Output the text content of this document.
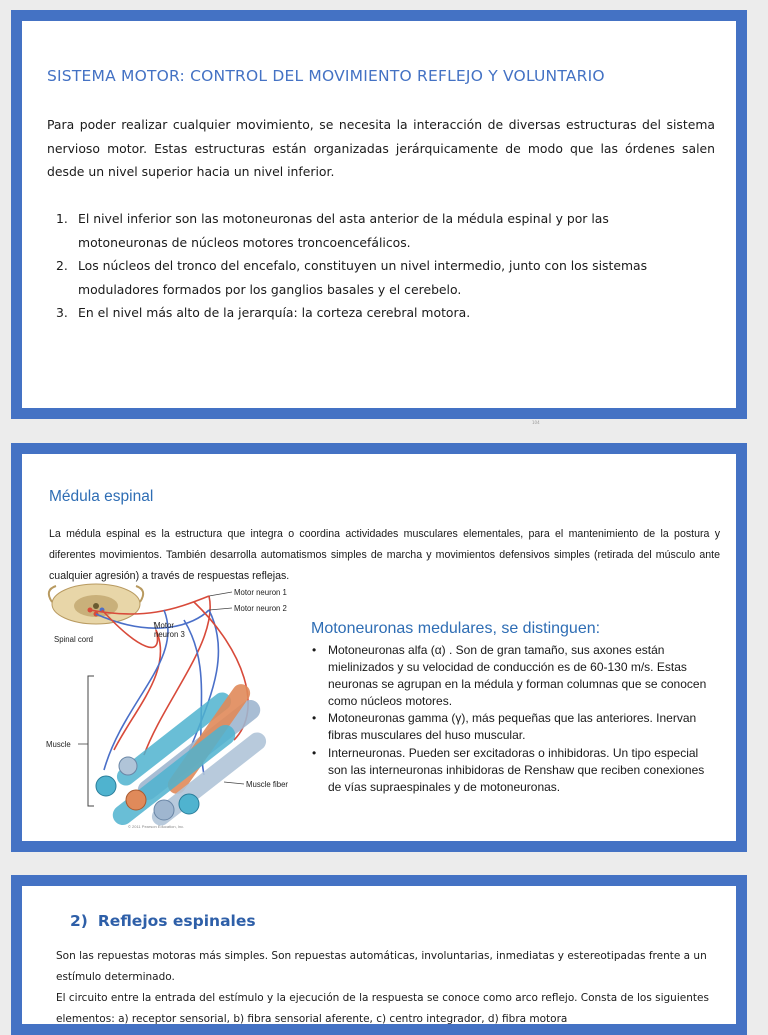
SISTEMA MOTOR: CONTROL DEL MOVIMIENTO REFLEJO Y VOLUNTARIO
Para poder realizar cualquier movimiento, se necesita la interacción de diversas estructuras del sistema nervioso motor. Estas estructuras están organizadas jerárquicamente de modo que las órdenes salen desde un nivel superior hacia un nivel inferior.
1. El nivel inferior son las motoneuronas del asta anterior de la médula espinal y por las motoneuronas de núcleos motores troncoencefálicos.
2. Los núcleos del tronco del encefalo, constituyen un nivel intermedio, junto con los sistemas moduladores formados por los ganglios basales y el cerebelo.
3. En el nivel más alto de la jerarquía: la corteza cerebral motora.
104
Médula espinal
La médula espinal es la estructura que integra o coordina actividades musculares elementales, para el mantenimiento de la postura y diferentes movimientos. También desarrolla automatismos simples de marcha y movimientos defensivos simples (retirada del músculo ante cualquier agresión) a través de respuestas reflejas.
Motor neuron 1
Motor neuron 2
Motor
neuron 3
Spinal cord
Muscle
Muscle fiber
© 2011 Pearson Education, Inc.
Motoneuronas medulares, se distinguen:
• Motoneuronas alfa (α) . Son de gran tamaño, sus axones están mielinizados y su velocidad de conducción es de 60-130 m/s. Estas neuronas se agrupan en la médula y forman columnas que se conocen como núcleos motores.
• Motoneuronas gamma (γ), más pequeñas que las anteriores. Inervan fibras musculares del huso muscular.
• Interneuronas. Pueden ser excitadoras o inhibidoras. Un tipo especial son las interneuronas inhibidoras de Renshaw que reciben conexiones de vías supraespinales y de motoneuronas.
2) Reflejos espinales

Son las repuestas motoras más simples. Son repuestas automáticas, involuntarias, inmediatas y estereotipadas frente a un estímulo determinado.

El circuito entre la entrada del estímulo y la ejecución de la respuesta se conoce como arco reflejo. Consta de los siguientes elementos: a) receptor sensorial, b) fibra sensorial aferente, c) centro integrador, d) fibra motora
